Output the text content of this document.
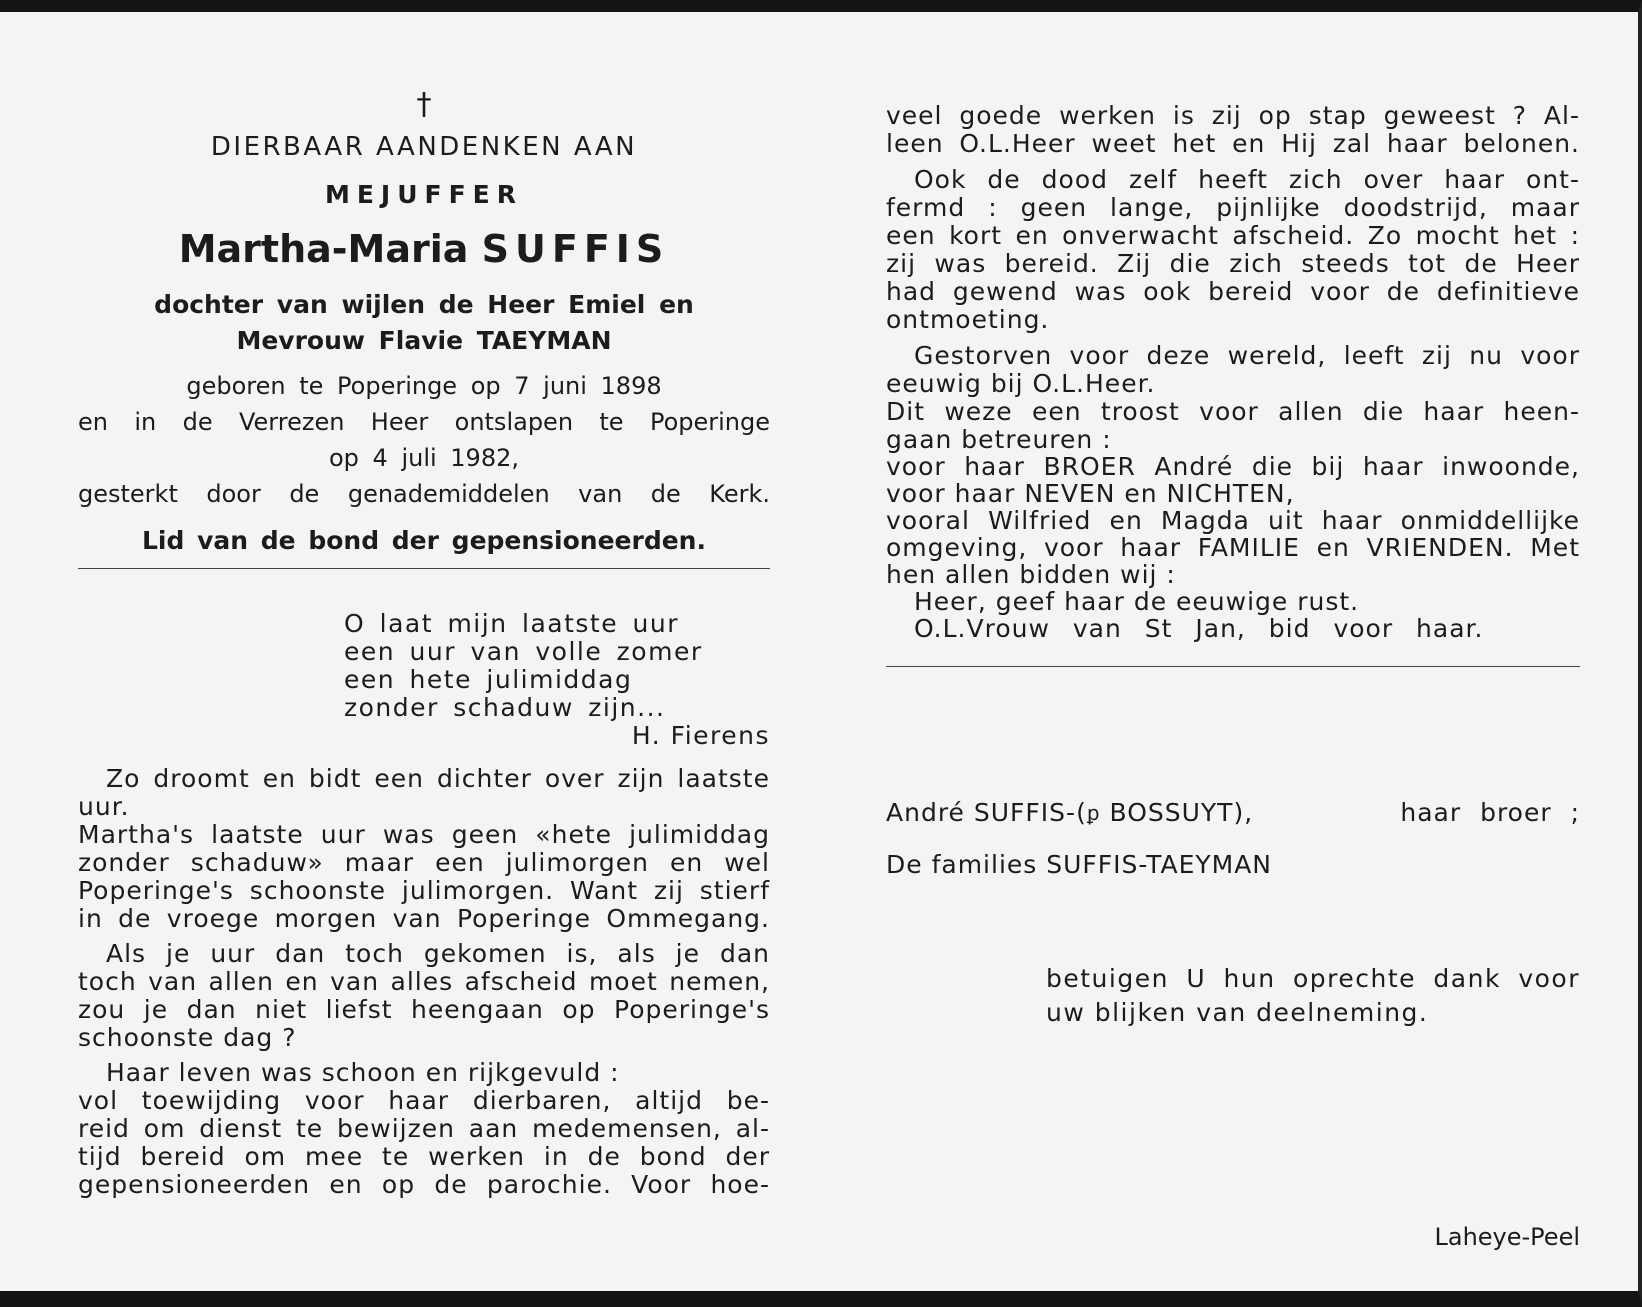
†
DIERBAAR AANDENKEN AAN
MEJUFFER
Martha-Maria SUFFIS
dochter van wijlen de Heer Emiel en
Mevrouw Flavie TAEYMAN
geboren te Poperinge op 7 juni 1898
en in de Verrezen Heer ontslapen te Poperinge
op 4 juli 1982,
gesterkt door de genademiddelen van de Kerk.
Lid van de bond der gepensioneerden.
O laat mijn laatste uur
een uur van volle zomer
een hete julimiddag
zonder schaduw zijn...
H. Fierens
Zo droomt en bidt een dichter over zijn laatste
uur.
Martha's laatste uur was geen «hete julimiddag
zonder schaduw» maar een julimorgen en wel
Poperinge's schoonste julimorgen. Want zij stierf
in de vroege morgen van Poperinge Ommegang.
Als je uur dan toch gekomen is, als je dan
toch van allen en van alles afscheid moet nemen,
zou je dan niet liefst heengaan op Poperinge's
schoonste dag ?
Haar leven was schoon en rijkgevuld :
vol toewijding voor haar dierbaren, altijd be-
reid om dienst te bewijzen aan medemensen, al-
tijd bereid om mee te werken in de bond der
gepensioneerden en op de parochie. Voor hoe-
veel goede werken is zij op stap geweest ? Al-
leen O.L.Heer weet het en Hij zal haar belonen.
Ook de dood zelf heeft zich over haar ont-
fermd : geen lange, pijnlijke doodstrijd, maar
een kort en onverwacht afscheid. Zo mocht het :
zij was bereid. Zij die zich steeds tot de Heer
had gewend was ook bereid voor de definitieve
ontmoeting.
Gestorven voor deze wereld, leeft zij nu voor
eeuwig bij O.L.Heer.
Dit weze een troost voor allen die haar heen-
gaan betreuren :
voor haar BROER André die bij haar inwoonde,
voor haar NEVEN en NICHTEN,
vooral Wilfried en Magda uit haar onmiddellijke
omgeving, voor haar FAMILIE en VRIENDEN. Met
hen allen bidden wij :
Heer, geef haar de eeuwige rust.
O.L.Vrouw van St Jan, bid voor haar.
André SUFFIS-(ꝑ BOSSUYT),	haar broer ;
De families SUFFIS-TAEYMAN
betuigen U hun oprechte dank voor
uw blijken van deelneming.
Laheye-Peel
